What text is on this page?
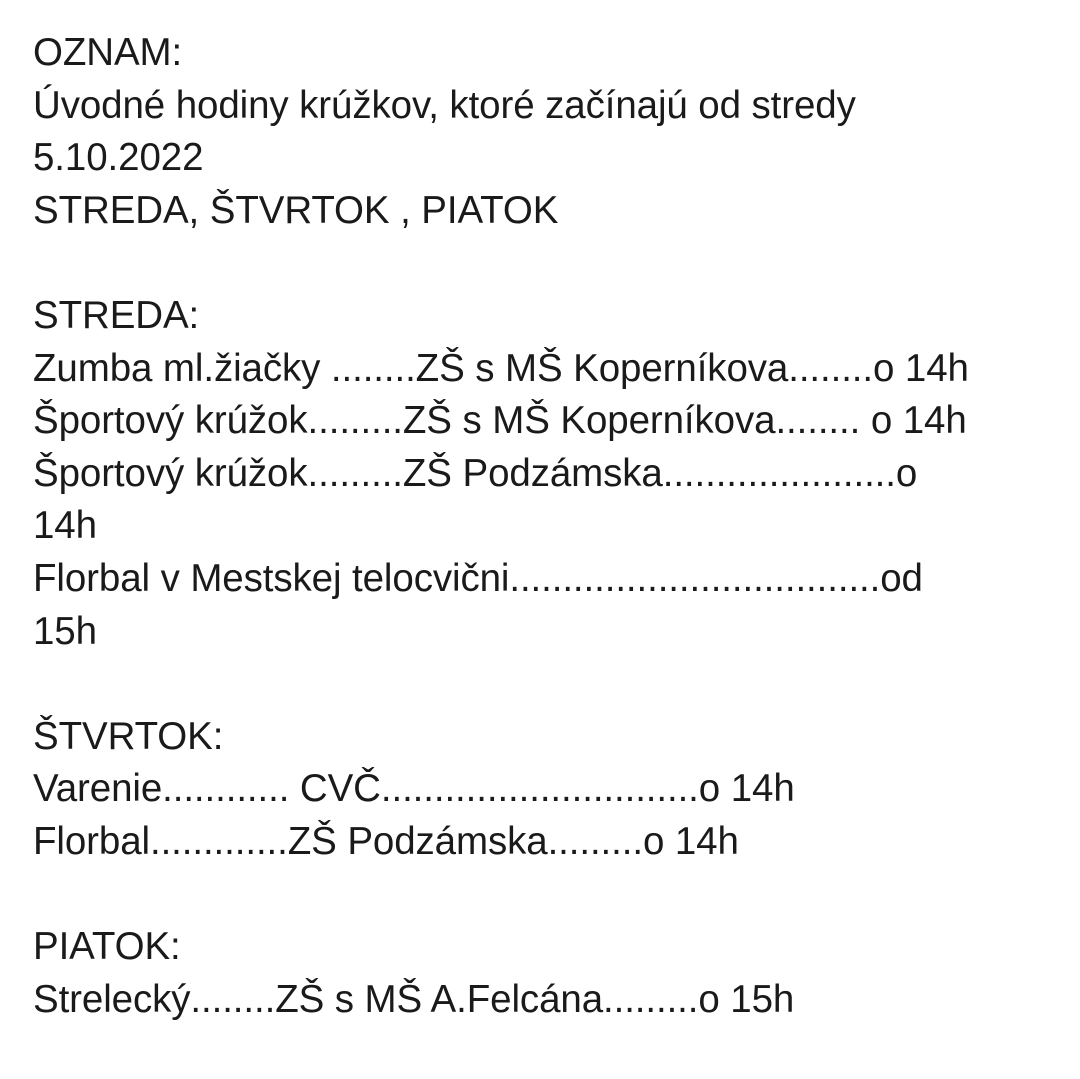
OZNAM:
Úvodné hodiny krúžkov, ktoré začínajú od stredy
5.10.2022
STREDA, ŠTVRTOK , PIATOK
STREDA:
Zumba ml.žiačky ........ZŠ s MŠ Koperníkova........o 14h
Športový krúžok.........ZŠ s MŠ Koperníkova........ o 14h
Športový krúžok.........ZŠ Podzámska......................o
14h
Florbal v Mestskej telocvični...................................od
15h
ŠTVRTOK:
Varenie............ CVČ..............................o 14h
Florbal.............ZŠ Podzámska.........o 14h
PIATOK:
Strelecký........ZŠ s MŠ A.Felcána.........o 15h
